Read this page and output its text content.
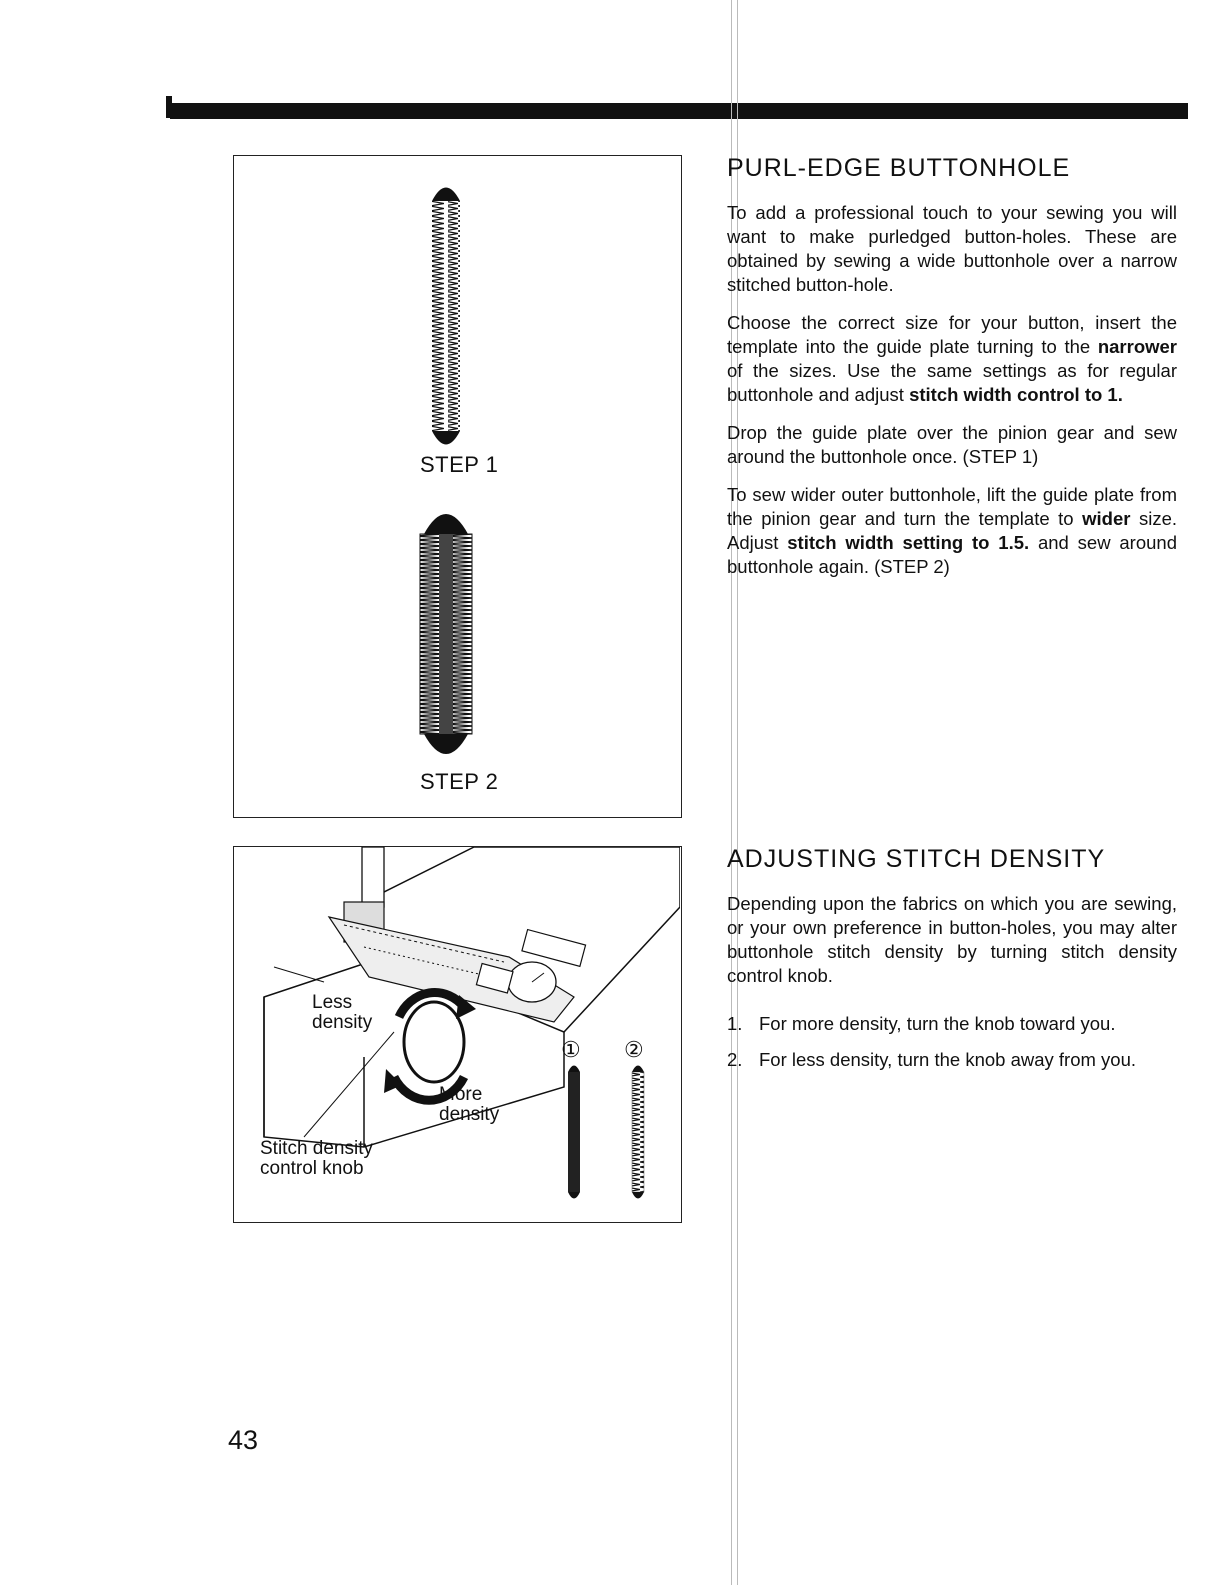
STEP 1
STEP 2
Less density
More density
Stitch density control knob
① ②
PURL-EDGE BUTTONHOLE

To add a professional touch to your sewing you will want to make purledged button-holes. These are obtained by sewing a wide buttonhole over a narrow stitched button-hole.

Choose the correct size for your button, insert the template into the guide plate turning to the narrower of the sizes. Use the same settings as for regular buttonhole and adjust stitch width control to 1.

Drop the guide plate over the pinion gear and sew around the buttonhole once. (STEP 1)

To sew wider outer buttonhole, lift the guide plate from the pinion gear and turn the template to wider size. Adjust stitch width setting to 1.5. and sew around buttonhole again. (STEP 2)

ADJUSTING STITCH DENSITY

Depending upon the fabrics on which you are sewing, or your own preference in button-holes, you may alter buttonhole stitch density by turning stitch density control knob.

1. For more density, turn the knob toward you.
2. For less density, turn the knob away from you.
43
